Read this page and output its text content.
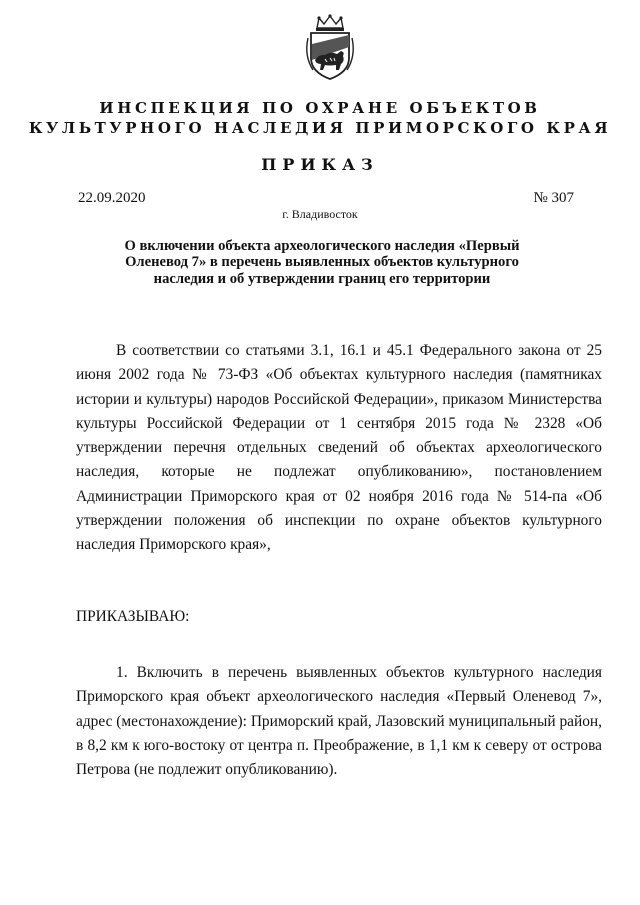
ИНСПЕКЦИЯ ПО ОХРАНЕ ОБЪЕКТОВ
КУЛЬТУРНОГО НАСЛЕДИЯ ПРИМОРСКОГО КРАЯ
ПРИКАЗ
22.09.2020	№ 307
г. Владивосток
О включении объекта археологического наследия «Первый Оленевод 7» в перечень выявленных объектов культурного наследия и об утверждении границ его территории
В соответствии со статьями 3.1, 16.1 и 45.1 Федерального закона от 25 июня 2002 года № 73-ФЗ «Об объектах культурного наследия (памятниках истории и культуры) народов Российской Федерации», приказом Министерства культуры Российской Федерации от 1 сентября 2015 года № 2328 «Об утверждении перечня отдельных сведений об объектах археологического наследия, которые не подлежат опубликованию», постановлением Администрации Приморского края от 02 ноября 2016 года № 514-па «Об утверждении положения об инспекции по охране объектов культурного наследия Приморского края»,
ПРИКАЗЫВАЮ:
1. Включить в перечень выявленных объектов культурного наследия Приморского края объект археологического наследия «Первый Оленевод 7», адрес (местонахождение): Приморский край, Лазовский муниципальный район, в 8,2 км к юго-востоку от центра п. Преображение, в 1,1 км к северу от острова Петрова (не подлежит опубликованию).
